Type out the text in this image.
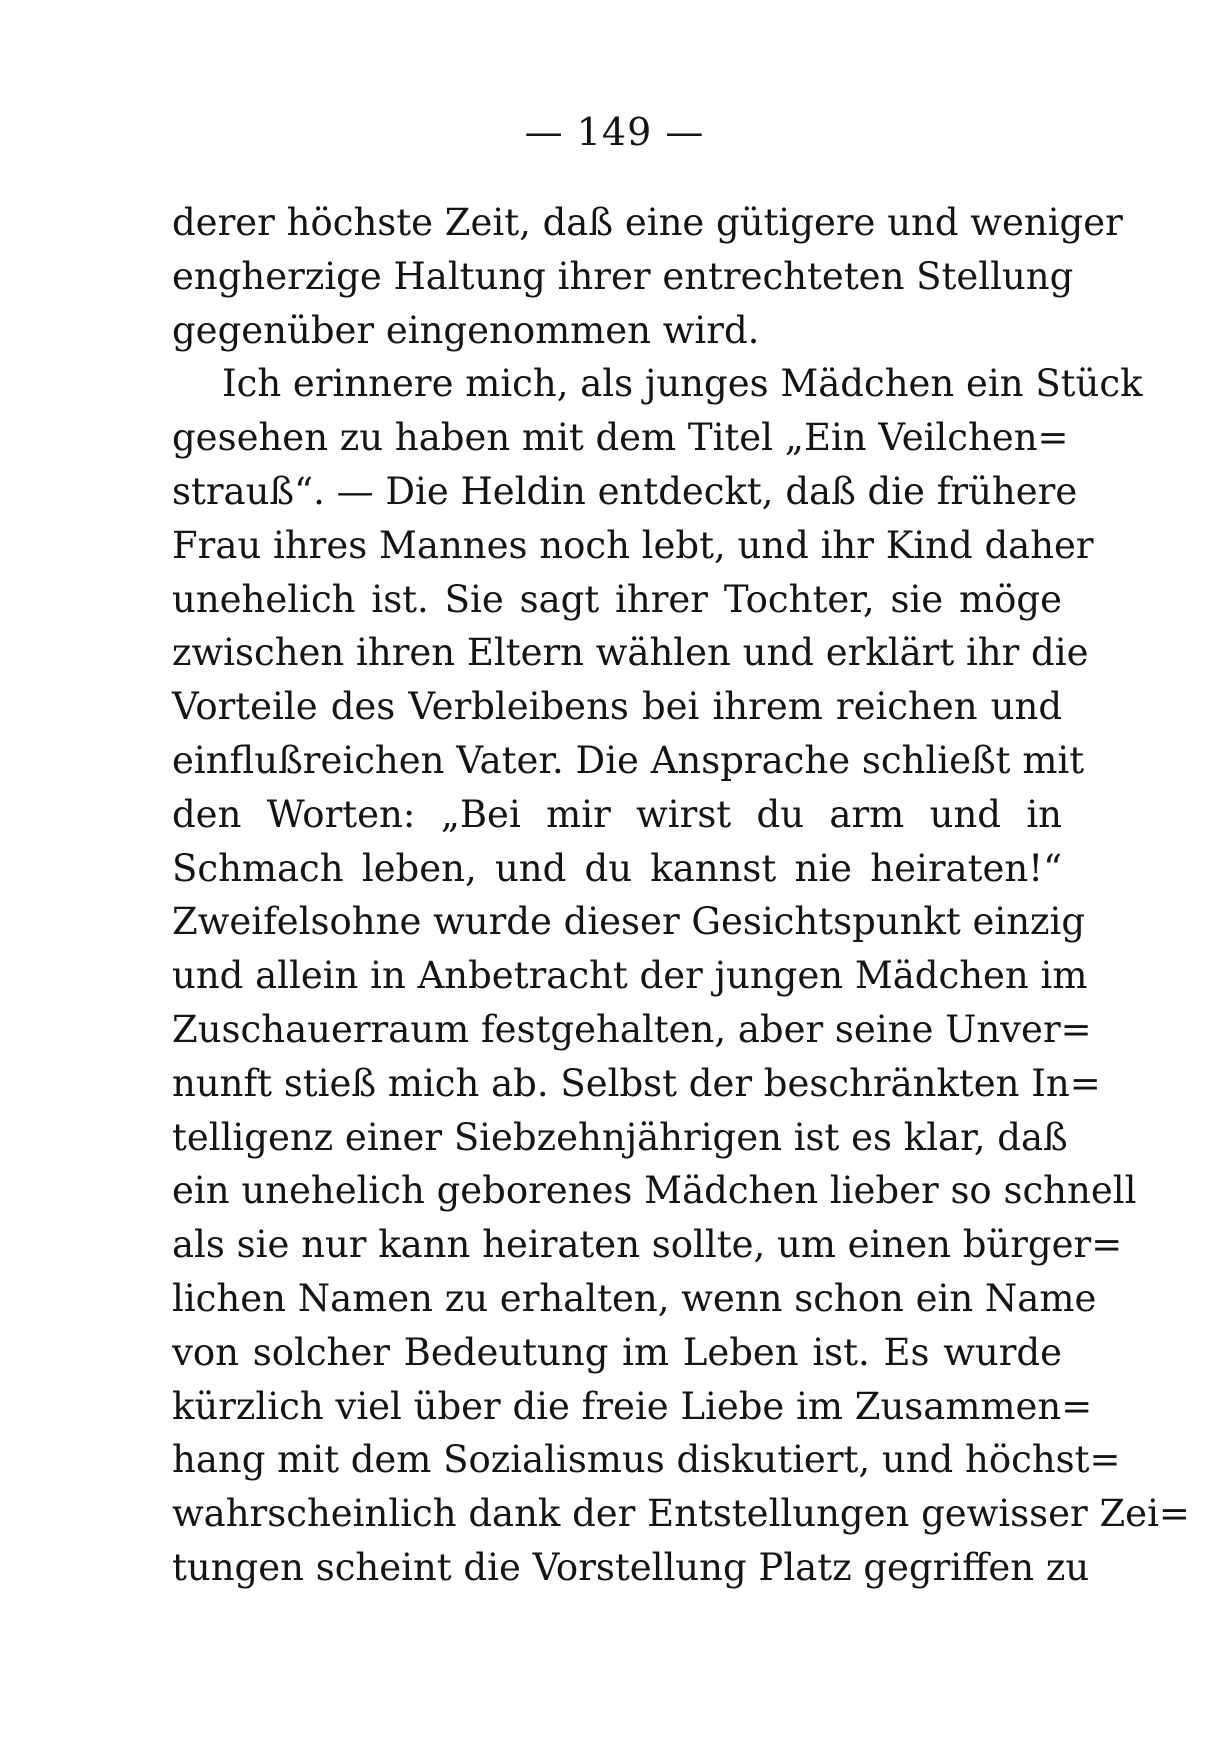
— 149 —
derer höchste Zeit, daß eine gütigere und weniger
engherzige Haltung ihrer entrechteten Stellung
gegenüber eingenommen wird.
Ich erinnere mich, als junges Mädchen ein Stück
gesehen zu haben mit dem Titel „Ein Veilchen=
strauß“. — Die Heldin entdeckt, daß die frühere
Frau ihres Mannes noch lebt, und ihr Kind daher
unehelich ist. Sie sagt ihrer Tochter, sie möge
zwischen ihren Eltern wählen und erklärt ihr die
Vorteile des Verbleibens bei ihrem reichen und
einflußreichen Vater. Die Ansprache schließt mit
den Worten: „Bei mir wirst du arm und in
Schmach leben, und du kannst nie heiraten!“
Zweifelsohne wurde dieser Gesichtspunkt einzig
und allein in Anbetracht der jungen Mädchen im
Zuschauerraum festgehalten, aber seine Unver=
nunft stieß mich ab. Selbst der beschränkten In=
telligenz einer Siebzehnjährigen ist es klar, daß
ein unehelich geborenes Mädchen lieber so schnell
als sie nur kann heiraten sollte, um einen bürger=
lichen Namen zu erhalten, wenn schon ein Name
von solcher Bedeutung im Leben ist. Es wurde
kürzlich viel über die freie Liebe im Zusammen=
hang mit dem Sozialismus diskutiert, und höchst=
wahrscheinlich dank der Entstellungen gewisser Zei=
tungen scheint die Vorstellung Platz gegriffen zu
